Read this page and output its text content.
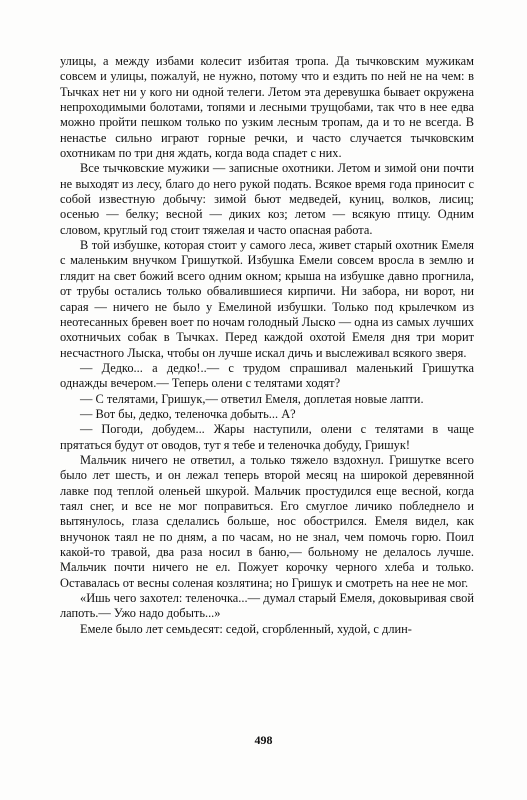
улицы, а между избами колесит избитая тропа. Да тычковским мужикам совсем и улицы, пожалуй, не нужно, потому что и ездить по ней не на чем: в Тычках нет ни у кого ни одной телеги. Летом эта деревушка бывает окружена непроходимыми болотами, топями и лесными трущобами, так что в нее едва можно пройти пешком только по узким лесным тропам, да и то не всегда. В ненастье сильно играют горные речки, и часто случается тычковским охотникам по три дня ждать, когда вода спадет с них.

Все тычковские мужики — записные охотники. Летом и зимой они почти не выходят из лесу, благо до него рукой подать. Всякое время года приносит с собой известную добычу: зимой бьют медведей, куниц, волков, лисиц; осенью — белку; весной — диких коз; летом — всякую птицу. Одним словом, круглый год стоит тяжелая и часто опасная работа.

В той избушке, которая стоит у самого леса, живет старый охотник Емеля с маленьким внучком Гришуткой. Избушка Емели совсем вросла в землю и глядит на свет божий всего одним окном; крыша на избушке давно прогнила, от трубы остались только обвалившиеся кирпичи. Ни забора, ни ворот, ни сарая — ничего не было у Емелиной избушки. Только под крылечком из неотесанных бревен воет по ночам голодный Лыско — одна из самых лучших охотничьих собак в Тычках. Перед каждой охотой Емеля дня три морит несчастного Лыска, чтобы он лучше искал дичь и выслеживал всякого зверя.

— Дедко... а дедко!..— с трудом спрашивал маленький Гришутка однажды вечером.— Теперь олени с телятами ходят?

— С телятами, Гришук,— ответил Емеля, доплетая новые лапти.

— Вот бы, дедко, теленочка добыть... А?

— Погоди, добудем... Жары наступили, олени с телятами в чаще прятаться будут от оводов, тут я тебе и теленочка добуду, Гришук!

Мальчик ничего не ответил, а только тяжело вздохнул. Гришутке всего было лет шесть, и он лежал теперь второй месяц на широкой деревянной лавке под теплой оленьей шкурой. Мальчик простудился еще весной, когда таял снег, и все не мог поправиться. Его смуглое личико побледнело и вытянулось, глаза сделались больше, нос обострился. Емеля видел, как внучонок таял не по дням, а по часам, но не знал, чем помочь горю. Поил какой-то травой, два раза носил в баню,— больному не делалось лучше. Мальчик почти ничего не ел. Пожует корочку черного хлеба и только. Оставалась от весны соленая козлятина; но Гришук и смотреть на нее не мог.

«Ишь чего захотел: теленочка...— думал старый Емеля, доковыривая свой лапоть.— Ужо надо добыть...»

Емеле было лет семьдесят: седой, сгорбленный, худой, с длин-

498
